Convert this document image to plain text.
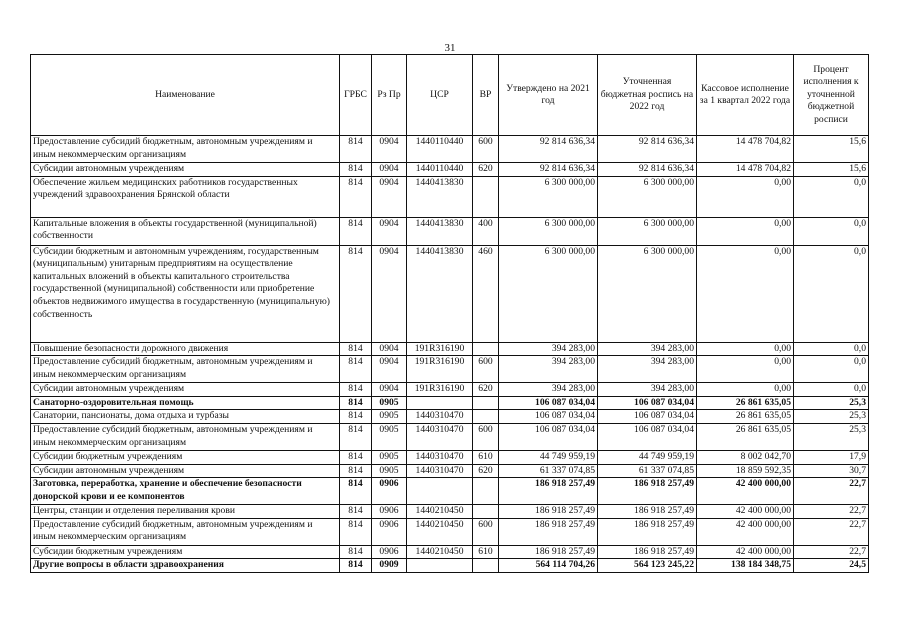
31
Наименование	ГРБС	Рз Пр	ЦСР	ВР	Утверждено на 2021 год	Уточненная бюджетная роспись на 2022 год	Кассовое исполнение за 1 квартал 2022 года	Процент исполнения к уточненной бюджетной росписи
Предоставление субсидий бюджетным, автономным учреждениям и иным некоммерческим организациям	814	0904	1440110440	600	92 814 636,34	92 814 636,34	14 478 704,82	15,6
Субсидии автономным учреждениям	814	0904	1440110440	620	92 814 636,34	92 814 636,34	14 478 704,82	15,6
Обеспечение жильем медицинских работников государственных учреждений здравоохранения Брянской области	814	0904	1440413830		6 300 000,00	6 300 000,00	0,00	0,0
Капитальные вложения в объекты государственной (муниципальной) собственности	814	0904	1440413830	400	6 300 000,00	6 300 000,00	0,00	0,0
Субсидии бюджетным и автономным учреждениям, государственным (муниципальным) унитарным предприятиям на осуществление капитальных вложений в объекты капитального строительства государственной (муниципальной) собственности или приобретение объектов недвижимого имущества в государственную (муниципальную) собственность	814	0904	1440413830	460	6 300 000,00	6 300 000,00	0,00	0,0
Повышение безопасности дорожного движения	814	0904	191R316190		394 283,00	394 283,00	0,00	0,0
Предоставление субсидий бюджетным, автономным учреждениям и иным некоммерческим организациям	814	0904	191R316190	600	394 283,00	394 283,00	0,00	0,0
Субсидии автономным учреждениям	814	0904	191R316190	620	394 283,00	394 283,00	0,00	0,0
Санаторно-оздоровительная помощь	814	0905			106 087 034,04	106 087 034,04	26 861 635,05	25,3
Санатории, пансионаты, дома отдыха и турбазы	814	0905	1440310470		106 087 034,04	106 087 034,04	26 861 635,05	25,3
Предоставление субсидий бюджетным, автономным учреждениям и иным некоммерческим организациям	814	0905	1440310470	600	106 087 034,04	106 087 034,04	26 861 635,05	25,3
Субсидии бюджетным учреждениям	814	0905	1440310470	610	44 749 959,19	44 749 959,19	8 002 042,70	17,9
Субсидии автономным учреждениям	814	0905	1440310470	620	61 337 074,85	61 337 074,85	18 859 592,35	30,7
Заготовка, переработка, хранение и обеспечение безопасности донорской крови и ее компонентов	814	0906			186 918 257,49	186 918 257,49	42 400 000,00	22,7
Центры, станции и отделения переливания крови	814	0906	1440210450		186 918 257,49	186 918 257,49	42 400 000,00	22,7
Предоставление субсидий бюджетным, автономным учреждениям и иным некоммерческим организациям	814	0906	1440210450	600	186 918 257,49	186 918 257,49	42 400 000,00	22,7
Субсидии бюджетным учреждениям	814	0906	1440210450	610	186 918 257,49	186 918 257,49	42 400 000,00	22,7
Другие вопросы в области здравоохранения	814	0909			564 114 704,26	564 123 245,22	138 184 348,75	24,5
